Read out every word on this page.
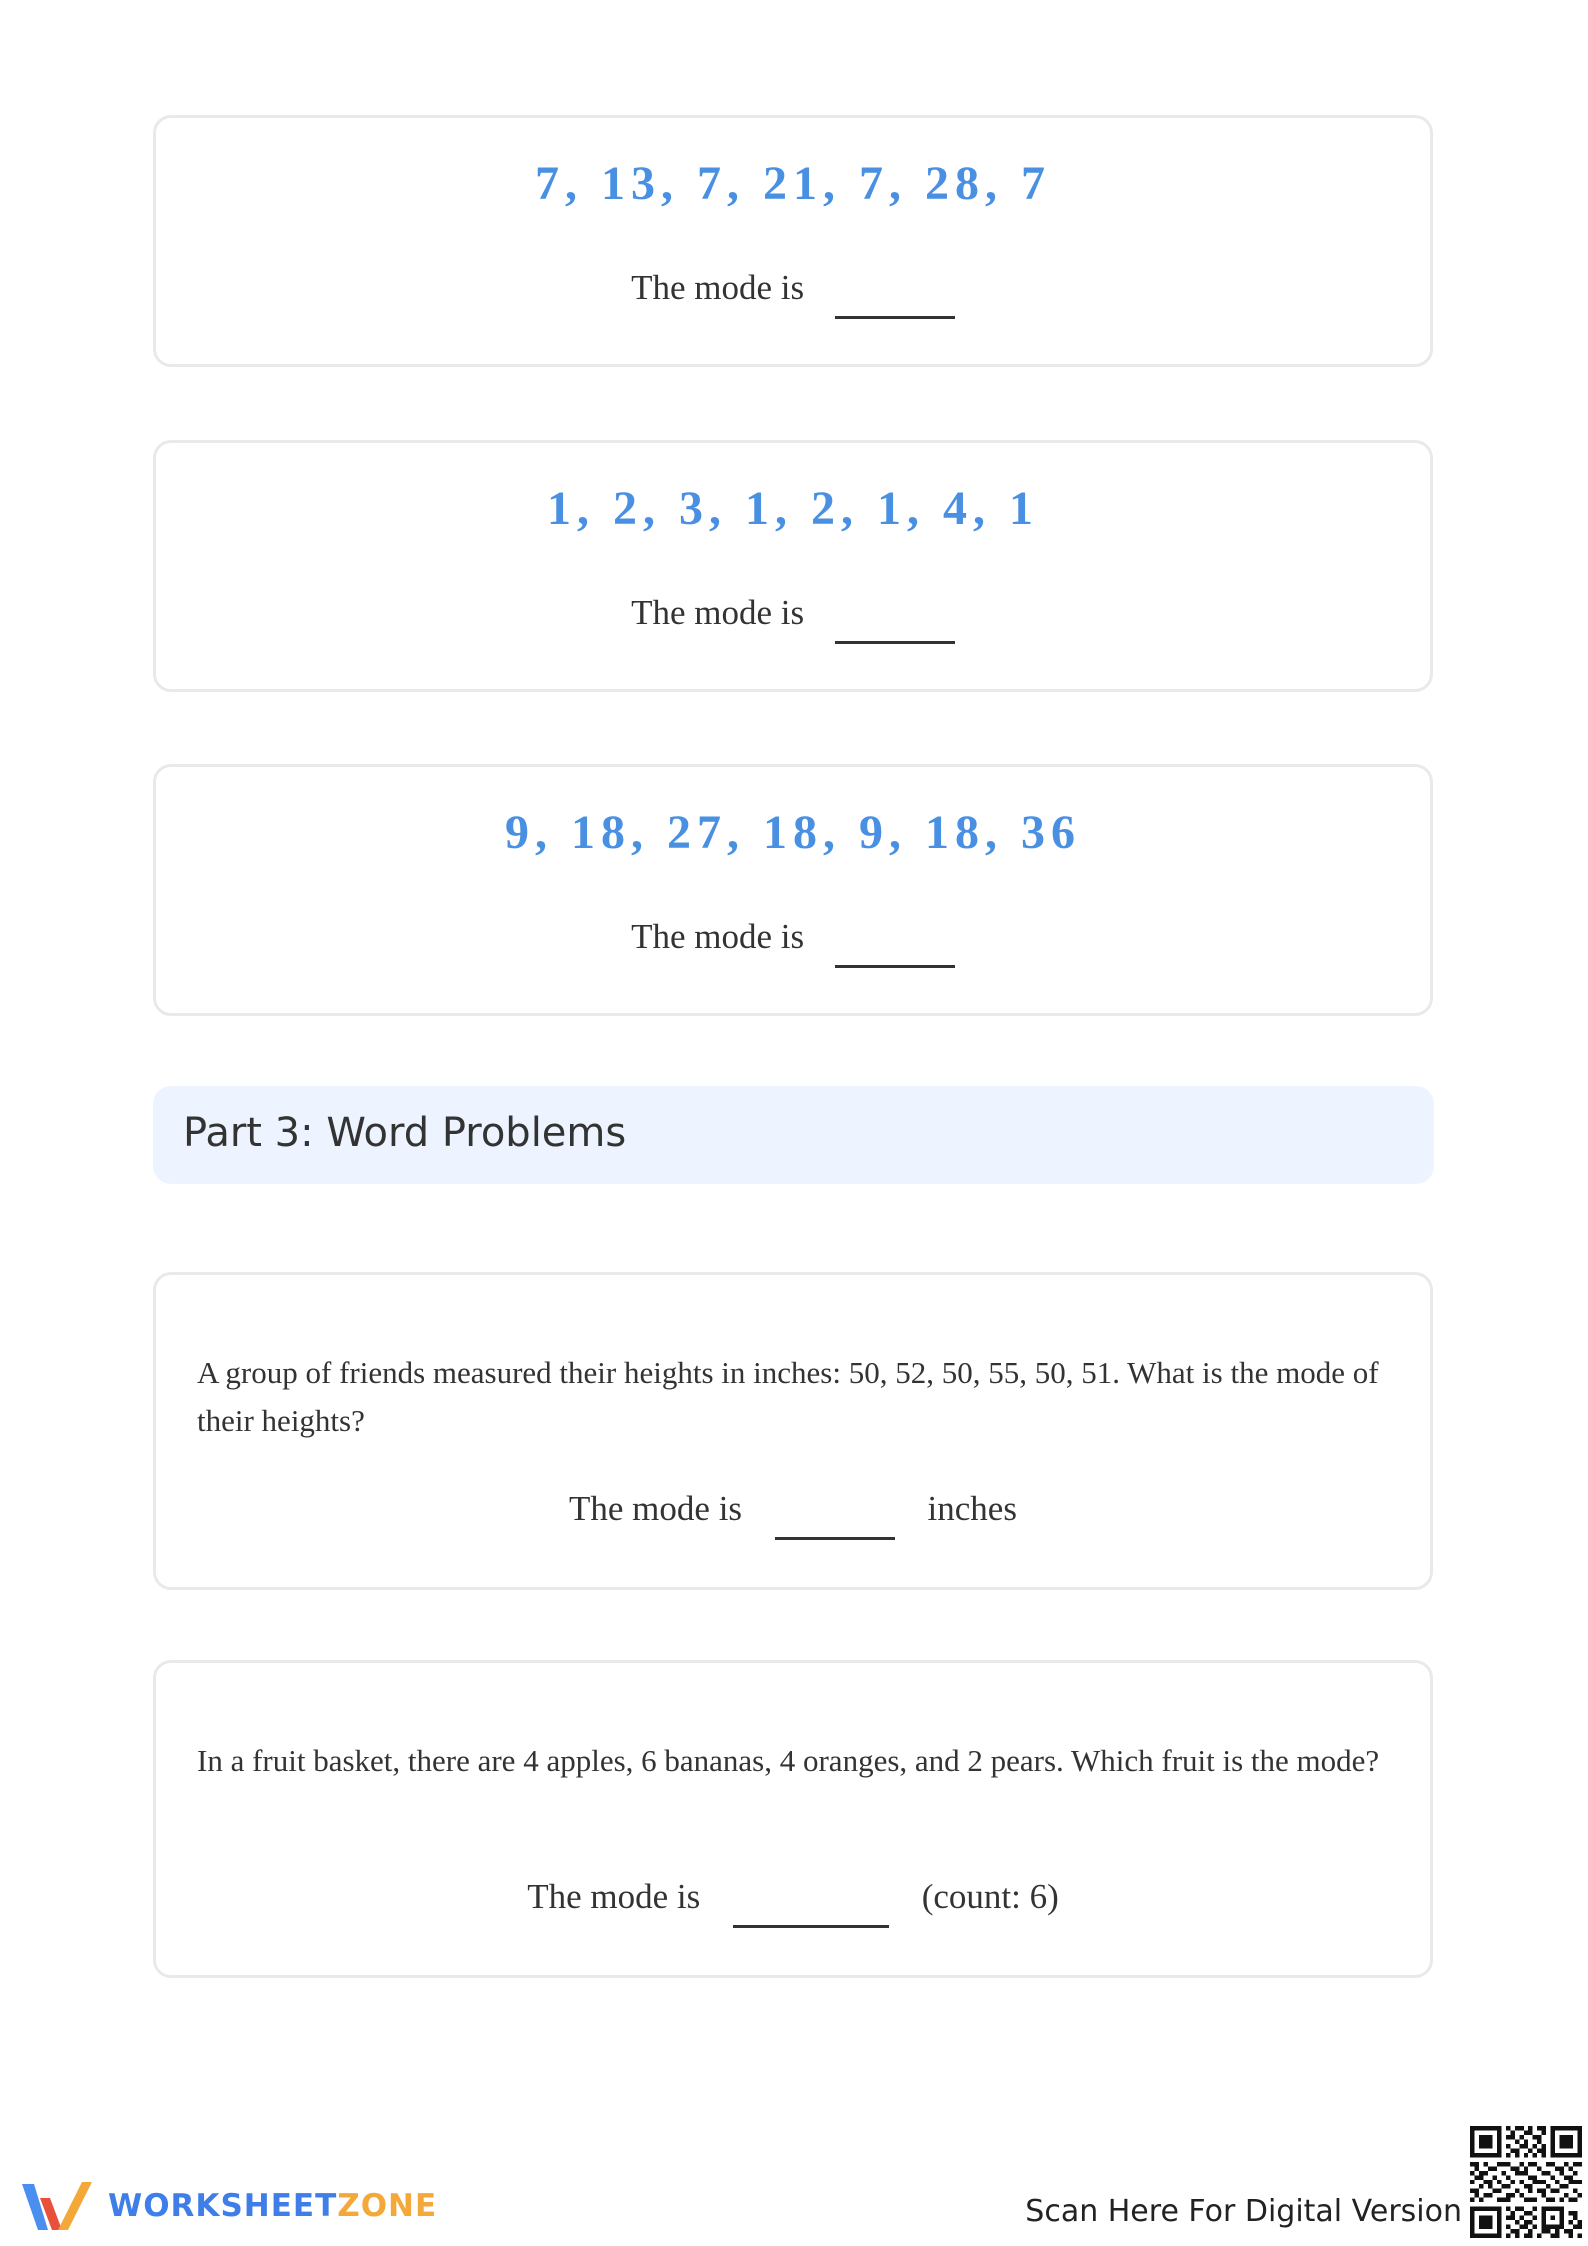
7, 13, 7, 21, 7, 28, 7
The mode is
1, 2, 3, 1, 2, 1, 4, 1
The mode is
9, 18, 27, 18, 9, 18, 36
The mode is
Part 3: Word Problems
A group of friends measured their heights in inches: 50, 52, 50, 55, 50, 51. What is the mode of their heights?
The mode is	inches
In a fruit basket, there are 4 apples, 6 bananas, 4 oranges, and 2 pears. Which fruit is the mode?
The mode is	(count: 6)
WORKSHEETZONE	Scan Here For Digital Version
